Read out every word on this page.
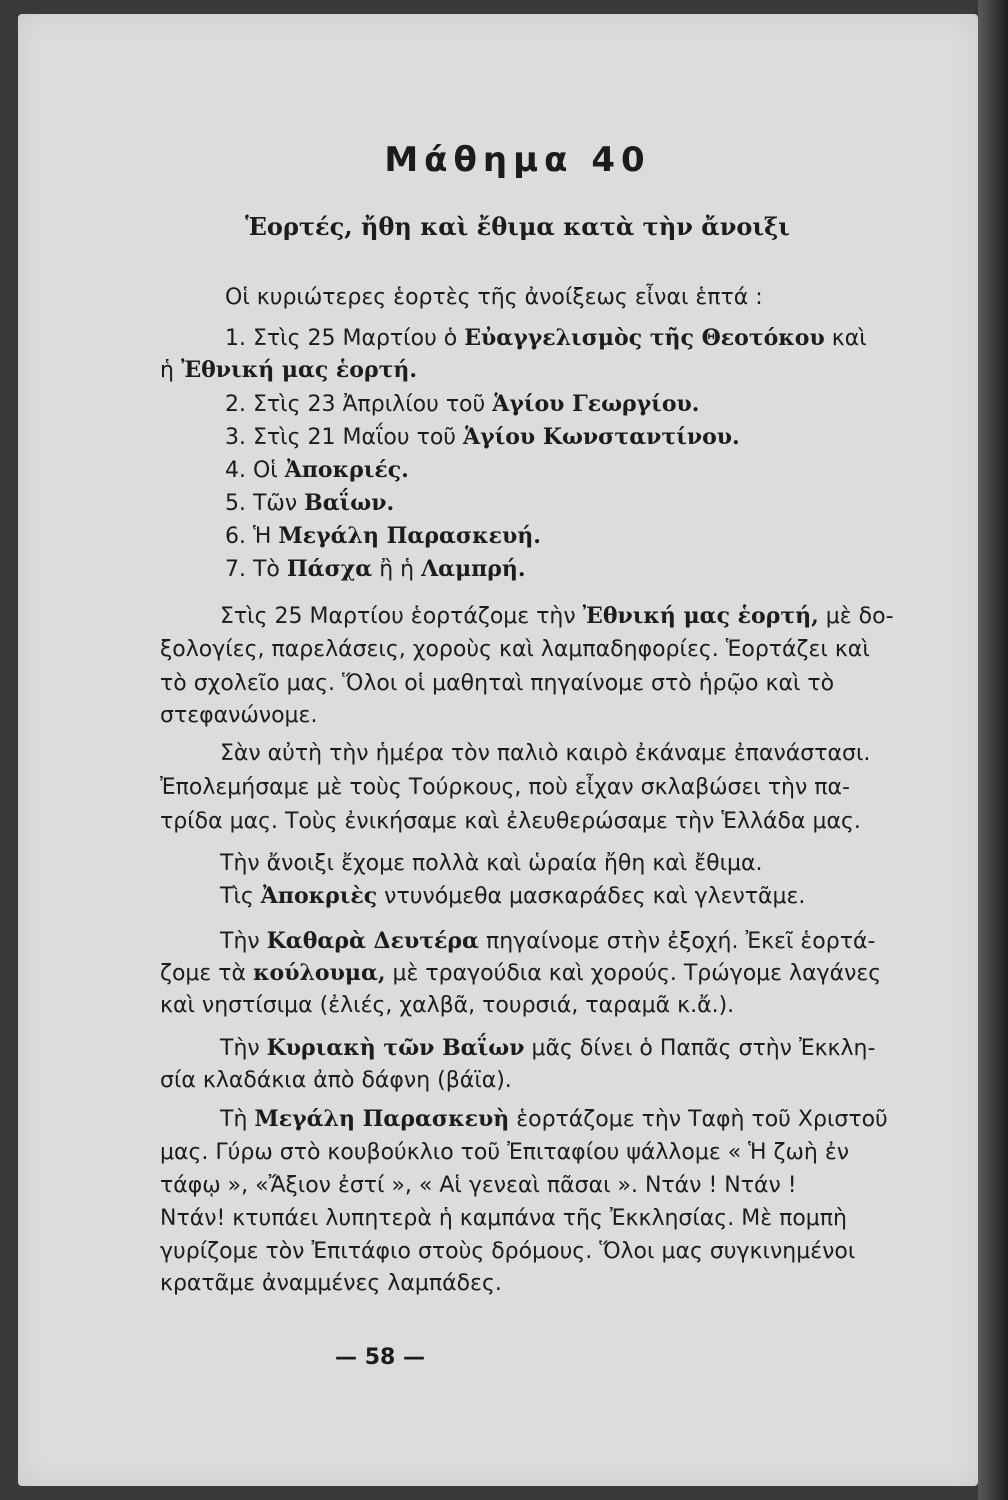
Μάθημα 40
Ἑορτές, ἤθη καὶ ἔθιμα κατὰ τὴν ἄνοιξι
Οἱ κυριώτερες ἑορτὲς τῆς ἀνοίξεως εἶναι ἑπτά :
1. Στὶς 25 Μαρτίου ὁ Εὐαγγελισμὸς τῆς Θεοτόκου καὶ
ἡ Ἐθνική μας ἑορτή.
2. Στὶς 23 Ἀπριλίου τοῦ Ἁγίου Γεωργίου.
3. Στὶς 21 Μαΐου τοῦ Ἁγίου Κωνσταντίνου.
4. Οἱ Ἀποκριές.
5. Τῶν Βαΐων.
6. Ἡ Μεγάλη Παρασκευή.
7. Τὸ Πάσχα ἢ ἡ Λαμπρή.
Στὶς 25 Μαρτίου ἑορτάζομε τὴν Ἐθνική μας ἑορτή, μὲ δο-
ξολογίες, παρελάσεις, χοροὺς καὶ λαμπαδηφορίες. Ἑορτάζει καὶ
τὸ σχολεῖο μας. Ὅλοι οἱ μαθηταὶ πηγαίνομε στὸ ἡρῷο καὶ τὸ
στεφανώνομε.
Σὰν αὐτὴ τὴν ἡμέρα τὸν παλιὸ καιρὸ ἐκάναμε ἐπανάστασι.
Ἐπολεμήσαμε μὲ τοὺς Τούρκους, ποὺ εἶχαν σκλαβώσει τὴν πα-
τρίδα μας. Τοὺς ἐνικήσαμε καὶ ἐλευθερώσαμε τὴν Ἑλλάδα μας.
Τὴν ἄνοιξι ἔχομε πολλὰ καὶ ὡραία ἤθη καὶ ἔθιμα.
Τὶς Ἀποκριὲς ντυνόμεθα μασκαράδες καὶ γλεντᾶμε.
Τὴν Καθαρὰ Δευτέρα πηγαίνομε στὴν ἐξοχή. Ἐκεῖ ἑορτά-
ζομε τὰ κούλουμα, μὲ τραγούδια καὶ χορούς. Τρώγομε λαγάνες
καὶ νηστίσιμα (ἐλιές, χαλβᾶ, τουρσιά, ταραμᾶ κ.ἄ.).
Τὴν Κυριακὴ τῶν Βαΐων μᾶς δίνει ὁ Παπᾶς στὴν Ἐκκλη-
σία κλαδάκια ἀπὸ δάφνη (βάϊα).
Τὴ Μεγάλη Παρασκευὴ ἑορτάζομε τὴν Ταφὴ τοῦ Χριστοῦ
μας. Γύρω στὸ κουβούκλιο τοῦ Ἐπιταφίου ψάλλομε « Ἡ ζωὴ ἐν
τάφῳ », «Ἄξιον ἐστί », « Αἱ γενεαὶ πᾶσαι ». Ντάν ! Ντάν !
Ντάν! κτυπάει λυπητερὰ ἡ καμπάνα τῆς Ἐκκλησίας. Μὲ πομπὴ
γυρίζομε τὸν Ἐπιτάφιο στοὺς δρόμους. Ὅλοι μας συγκινημένοι
κρατᾶμε ἀναμμένες λαμπάδες.
— 58 —
